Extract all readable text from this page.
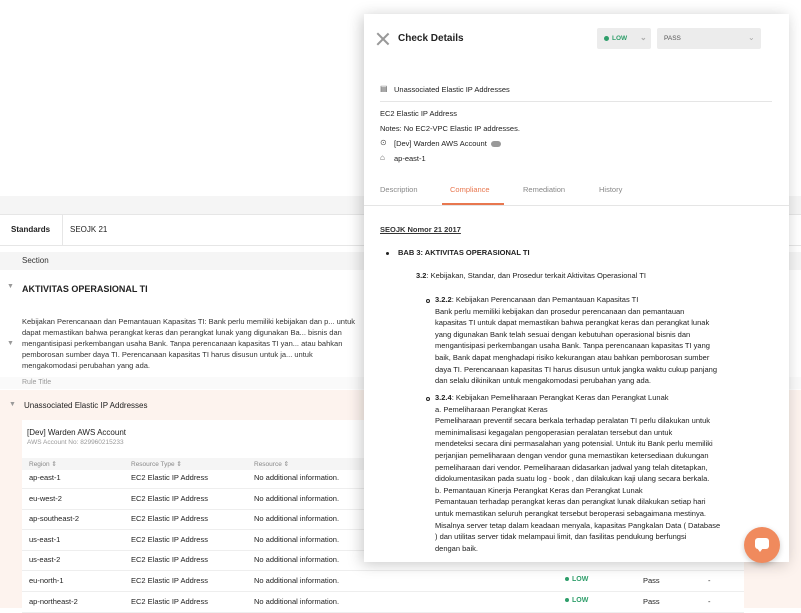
Standards	SEOJK 21
Section
▼ AKTIVITAS OPERASIONAL TI
▼
Kebijakan Perencanaan dan Pemantauan Kapasitas TI: Bank perlu memiliki kebijakan dan p... untuk dapat memastikan bahwa perangkat keras dan perangkat lunak yang digunakan Ba... bisnis dan mengantisipasi perkembangan usaha Bank. Tanpa perencanaan kapasitas TI yan... atau bahkan pemborosan sumber daya TI. Perencanaan kapasitas TI harus disusun untuk ja... untuk mengakomodasi perubahan yang ada.
Rule Title
▼ Unassociated Elastic IP Addresses
[Dev] Warden AWS Account
AWS Account No: 829960215233
Region ⇕	Resource Type ⇕	Resource ⇕
ap-east-1	EC2 Elastic IP Address	No additional information.
eu-west-2	EC2 Elastic IP Address	No additional information.
ap-southeast-2	EC2 Elastic IP Address	No additional information.
us-east-1	EC2 Elastic IP Address	No additional information.
us-east-2	EC2 Elastic IP Address	No additional information.
eu-north-1	EC2 Elastic IP Address	No additional information.	LOW	Pass	-
ap-northeast-2	EC2 Elastic IP Address	No additional information.	LOW	Pass	-
Check Details	LOW ⌄	PASS	⌄
▤ Unassociated Elastic IP Addresses
EC2 Elastic IP Address
Notes: No EC2-VPC Elastic IP addresses.
⊙ [Dev] Warden AWS Account
⌂ ap-east-1
Description	Compliance	Remediation	History
SEOJK Nomor 21 2017
BAB 3: AKTIVITAS OPERASIONAL TI
3.2: Kebijakan, Standar, dan Prosedur terkait Aktivitas Operasional TI
3.2.2: Kebijakan Perencanaan dan Pemantauan Kapasitas TI
Bank perlu memiliki kebijakan dan prosedur perencanaan dan pemantauan
kapasitas TI untuk dapat memastikan bahwa perangkat keras dan perangkat lunak
yang digunakan Bank telah sesuai dengan kebutuhan operasional bisnis dan
mengantisipasi perkembangan usaha Bank. Tanpa perencanaan kapasitas TI yang
baik, Bank dapat menghadapi risiko kekurangan atau bahkan pemborosan sumber
daya TI. Perencanaan kapasitas TI harus disusun untuk jangka waktu cukup panjang
dan selalu dikinikan untuk mengakomodasi perubahan yang ada.
3.2.4: Kebijakan Pemeliharaan Perangkat Keras dan Perangkat Lunak
a. Pemeliharaan Perangkat Keras
Pemeliharaan preventif secara berkala terhadap peralatan TI perlu dilakukan untuk
meminimalisasi kegagalan pengoperasian peralatan tersebut dan untuk
mendeteksi secara dini permasalahan yang potensial. Untuk itu Bank perlu memiliki
perjanjian pemeliharaan dengan vendor guna memastikan ketersediaan dukungan
pemeliharaan dari vendor. Pemeliharaan didasarkan jadwal yang telah ditetapkan,
didokumentasikan pada suatu log - book , dan dilakukan kaji ulang secara berkala.
b. Pemantauan Kinerja Perangkat Keras dan Perangkat Lunak
Pemantauan terhadap perangkat keras dan perangkat lunak dilakukan setiap hari
untuk memastikan seluruh perangkat tersebut beroperasi sebagaimana mestinya.
Misalnya server tetap dalam keadaan menyala, kapasitas Pangkalan Data ( Database
) dan utilitas server tidak melampaui limit, dan fasilitas pendukung berfungsi
dengan baik.
